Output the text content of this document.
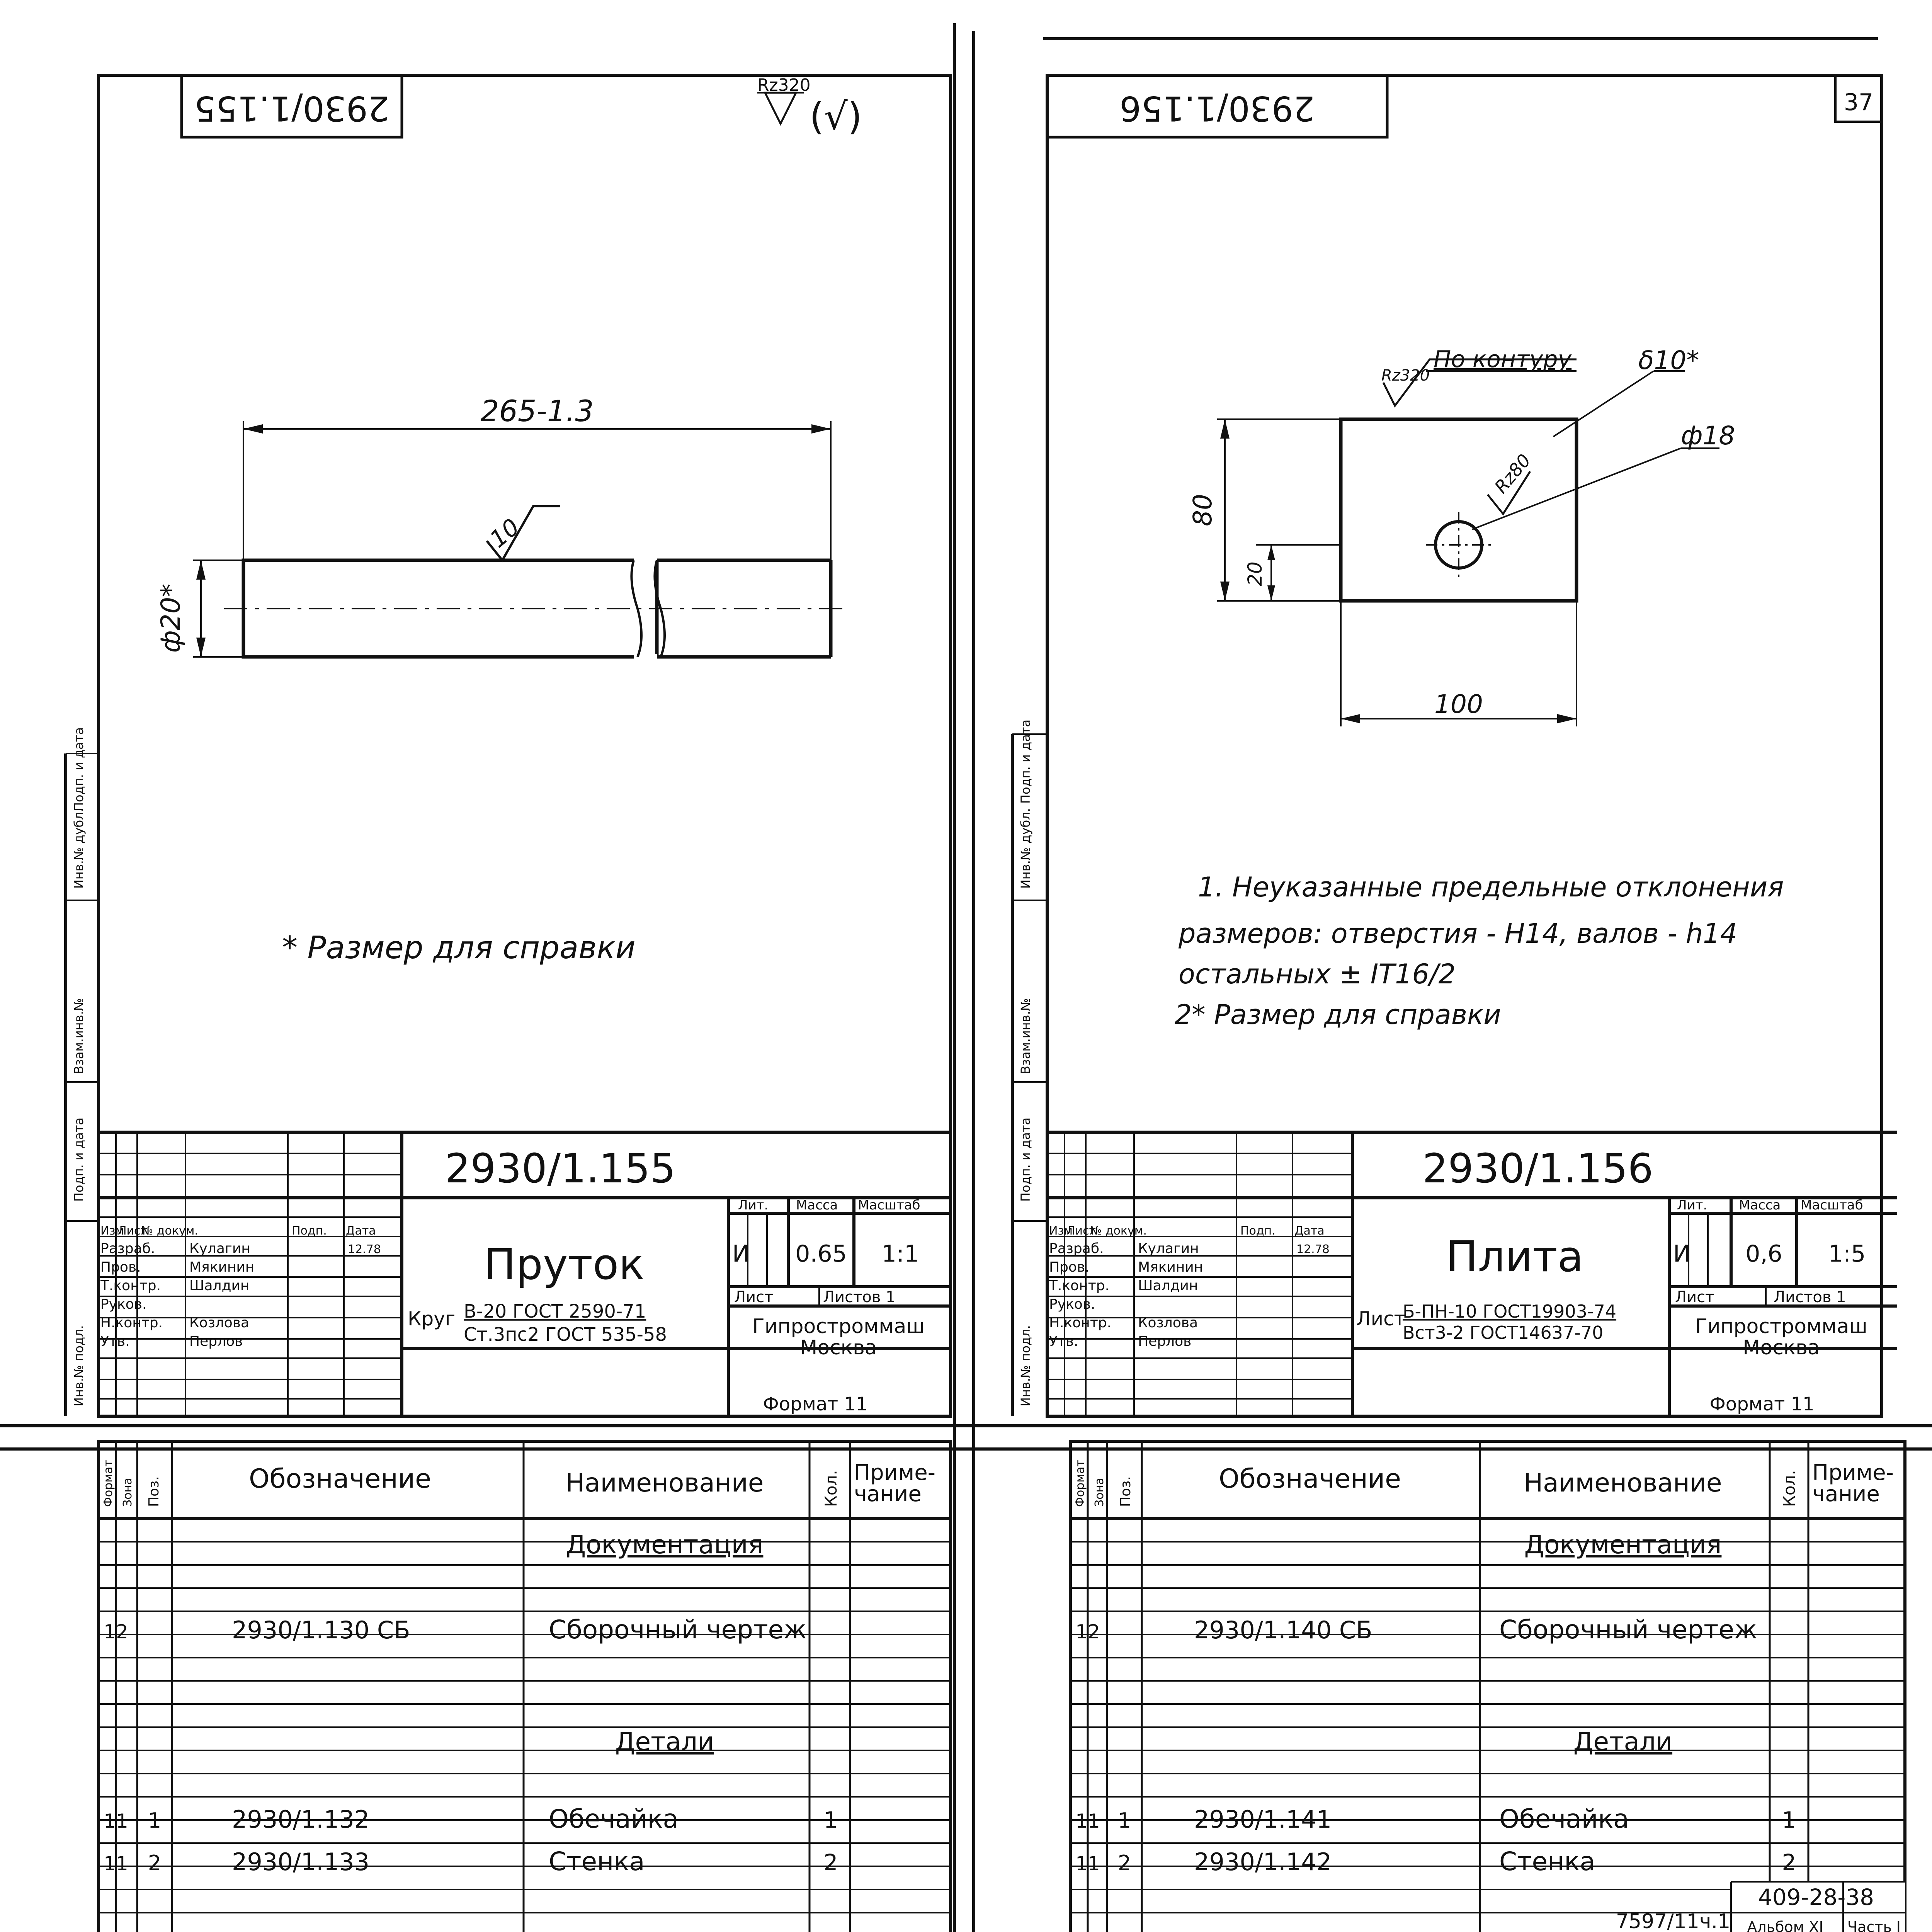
2930/1.155
Rz320
(√)
265-1.3
ф20*
10
* Размер для справки
2930/1.155
Пруток
Лит. Масса Масштаб
И 0.65 1:1
Лист	Листов 1
Круг В-20 ГОСТ 2590-71
Ст.3пс2 ГОСТ 535-58	Гипростроммаш
Москва
Формат 11
2930/1.156	37
По контуру
Rz320
Rz80
δ10*
ф18
80
20
100
1. Неуказанные предельные отклонения
размеров: отверстия - Н14, валов - h14
остальных ± IT16/2
2* Размер для справки
2930/1.156
Плита
Лит. Масса Масштаб
И 0,6 1:5
Лист	Листов 1
Лист
Б-ПН-10 ГОСТ19903-74
Вст3-2 ГОСТ14637-70	Гипростроммаш
Москва
Формат 11
Формат Зона Поз.	Обозначение	Наименование	Кол. Приме-
чание
Документация
12	2930/1.130 СБ	Сборочный чертеж
Детали
11 1	2930/1.132	Обечайка	1
11 2	2930/1.133	Стенка	2
Формат Зона Поз.	Обозначение	Наименование	Кол. Приме-
чание
Документация
12	2930/1.140 СБ	Сборочный чертеж
Детали
11 1	2930/1.141	Обечайка	1
11 2	2930/1.142	Стенка	2
7597/11ч.1
409-28-38
Альбом XI Часть I
Изм
Лист
№ докум.	Подп. Дата
Разраб. Кулагин	12.78
Пров.	Мякинин
Т.контр. Шалдин
Руков.
Н.контр. Козлова
Утв.	Перлов
Изм
Лист
№ докум.	Подп. Дата
Разраб. Кулагин	12.78
Пров.	Мякинин
Т.контр. Шалдин
Руков.
Н.контр. Козлова
Утв.	Перлов
Инв.№ подл.
Подп. и дата
Взам.инв.№
Инв.№ дубл.
Подп. и дата
Инв.№ подл.
Подп. и дата
Взам.инв.№
Инв.№ дубл.
Подп. и дата
